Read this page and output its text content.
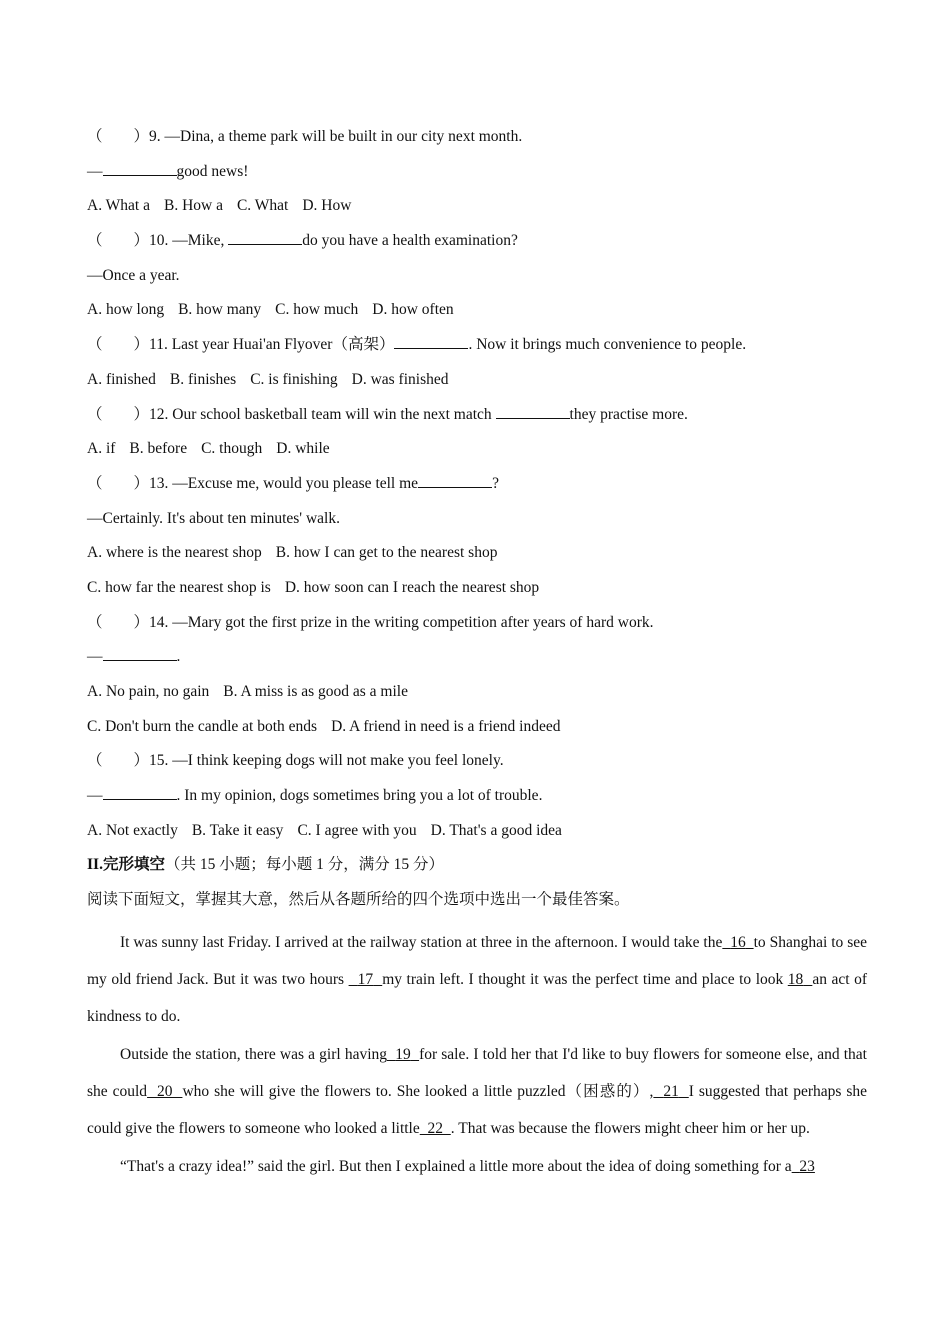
（　　）9. —Dina, a theme park will be built in our city next month.
—	good news!
A. What a B. How a C. What D. How
（　　）10. —Mike,	do you have a health examination?
—Once a year.
A. how long B. how many C. how much D. how often
（　　）11. Last year Huai'an Flyover（高架）	. Now it brings much convenience to people.
A. finished B. finishes C. is finishing D. was finished
（　　）12. Our school basketball team will win the next match	they practise more.
A. if B. before C. though D. while
（　　）13. —Excuse me, would you please tell me	?
—Certainly. It's about ten minutes' walk.
A. where is the nearest shop B. how I can get to the nearest shop
C. how far the nearest shop is D. how soon can I reach the nearest shop
（　　）14. —Mary got the first prize in the writing competition after years of hard work.
—	.
A. No pain, no gain B. A miss is as good as a mile
C. Don't burn the candle at both ends D. A friend in need is a friend indeed
（　　）15. —I think keeping dogs will not make you feel lonely.
—	. In my opinion, dogs sometimes bring you a lot of trouble.
A. Not exactly B. Take it easy C. I agree with you D. That's a good idea
II.完形填空（共 15 小题；每小题 1 分，满分 15 分）
阅读下面短文，掌握其大意，然后从各题所给的四个选项中选出一个最佳答案。

It was sunny last Friday. I arrived at the railway station at three in the afternoon. I would take the 16 to Shanghai to see my old friend Jack. But it was two hours 17 my train left. I thought it was the perfect time and place to look 18 an act of kindness to do.

Outside the station, there was a girl having 19 for sale. I told her that I'd like to buy flowers for someone else, and that she could 20 who she will give the flowers to. She looked a little puzzled（困惑的）, 21 I suggested that perhaps she could give the flowers to someone who looked a little 22 . That was because the flowers might cheer him or her up.

“That's a crazy idea!” said the girl. But then I explained a little more about the idea of doing something for a 23
